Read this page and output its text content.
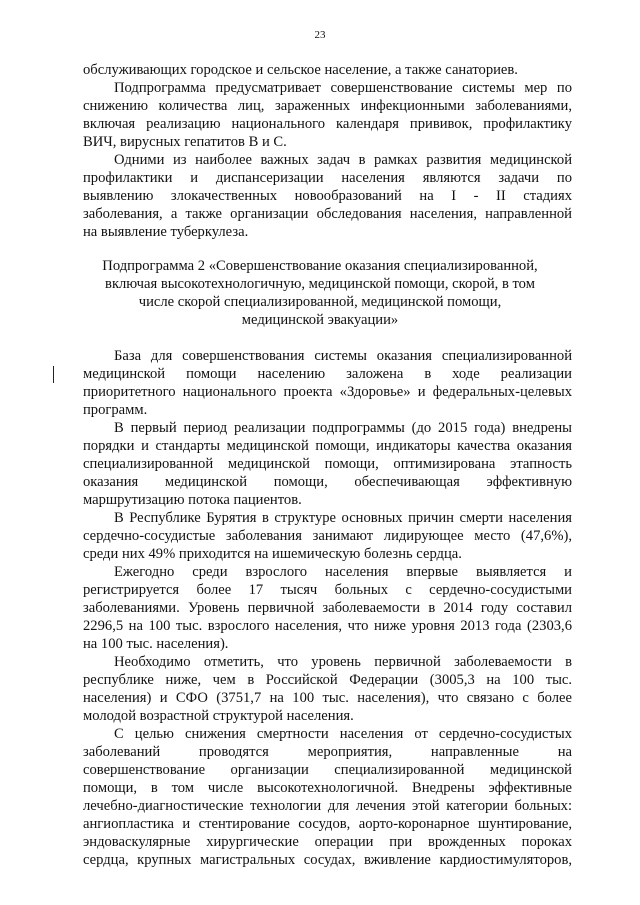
23
обслуживающих городское и сельское население, а также санаториев.
Подпрограмма предусматривает совершенствование системы мер по
снижению количества лиц, зараженных инфекционными заболеваниями,
включая реализацию национального календаря прививок, профилактику
ВИЧ, вирусных гепатитов В и С.
Одними из наиболее важных задач в рамках развития медицинской
профилактики и диспансеризации населения являются задачи по
выявлению злокачественных новообразований на I - II стадиях
заболевания, а также организации обследования населения, направленной
на выявление туберкулеза.
Подпрограмма 2 «Совершенствование оказания специализированной,
включая высокотехнологичную, медицинской помощи, скорой, в том
числе скорой специализированной, медицинской помощи,
медицинской эвакуации»
База для совершенствования системы оказания специализированной
медицинской помощи населению заложена в ходе реализации
приоритетного национального проекта «Здоровье» и федеральных-целевых
программ.
В первый период реализации подпрограммы (до 2015 года) внедрены
порядки и стандарты медицинской помощи, индикаторы качества оказания
специализированной медицинской помощи, оптимизирована этапность
оказания медицинской помощи, обеспечивающая эффективную
маршрутизацию потока пациентов.
В Республике Бурятия в структуре основных причин смерти населения
сердечно-сосудистые заболевания занимают лидирующее место (47,6%),
среди них 49% приходится на ишемическую болезнь сердца.
Ежегодно среди взрослого населения впервые выявляется и
регистрируется более 17 тысяч больных с сердечно-сосудистыми
заболеваниями. Уровень первичной заболеваемости в 2014 году составил
2296,5 на 100 тыс. взрослого населения, что ниже уровня 2013 года (2303,6
на 100 тыс. населения).
Необходимо отметить, что уровень первичной заболеваемости в
республике ниже, чем в Российской Федерации (3005,3 на 100 тыс.
населения) и СФО (3751,7 на 100 тыс. населения), что связано с более
молодой возрастной структурой населения.
С целью снижения смертности населения от сердечно-сосудистых
заболеваний проводятся мероприятия, направленные на
совершенствование организации специализированной медицинской
помощи, в том числе высокотехнологичной. Внедрены эффективные
лечебно-диагностические технологии для лечения этой категории больных:
ангиопластика и стентирование сосудов, аорто-коронарное шунтирование,
эндоваскулярные хирургические операции при врожденных пороках
сердца, крупных магистральных сосудах, вживление кардиостимуляторов,
